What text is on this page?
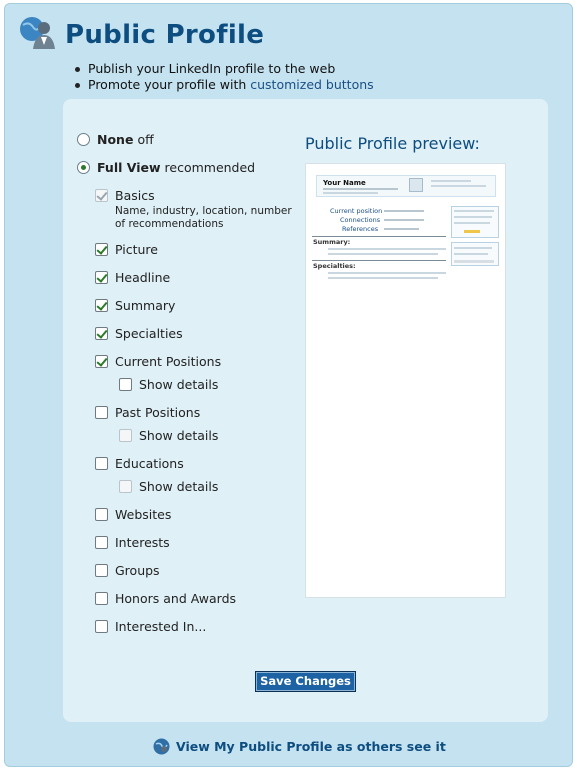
Public Profile
Publish your LinkedIn profile to the web
Promote your profile with customized buttons
None off
Full View recommended
Basics
Name, industry, location, number
of recommendations
Picture
Headline
Summary
Specialties
Current Positions
Show details
Past Positions
Show details
Educations
Show details
Websites
Interests
Groups
Honors and Awards
Interested In...
Public Profile preview:
Your Name
Current position
Connections
References
Summary:
Specialties:
Save Changes
View My Public Profile as others see it
